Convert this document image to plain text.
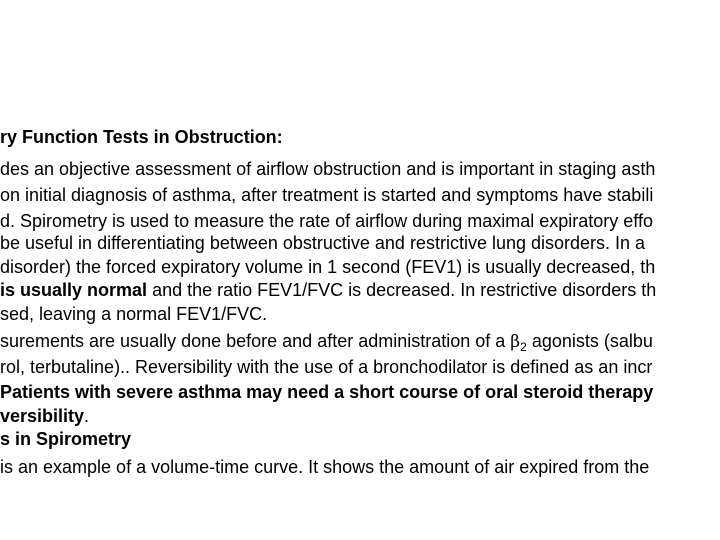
ry Function Tests in Obstruction:
des an objective assessment of airflow obstruction and is important in staging asth
on initial diagnosis of asthma, after treatment is started and symptoms have stabili
d. Spirometry is used to measure the rate of airflow during maximal expiratory effo
be useful in differentiating between obstructive and restrictive lung disorders. In a
disorder) the forced expiratory volume in 1 second (FEV1) is usually decreased, th
is usually normal and the ratio FEV1/FVC is decreased. In restrictive disorders th
sed, leaving a normal FEV1/FVC.
surements are usually done before and after administration of a $\beta_2$ agonists (salbu
rol, terbutaline).. Reversibility with the use of a bronchodilator is defined as an incr
Patients with severe asthma may need a short course of oral steroid therapy
versibility.
s in Spirometry
is an example of a volume-time curve. It shows the amount of air expired from the
